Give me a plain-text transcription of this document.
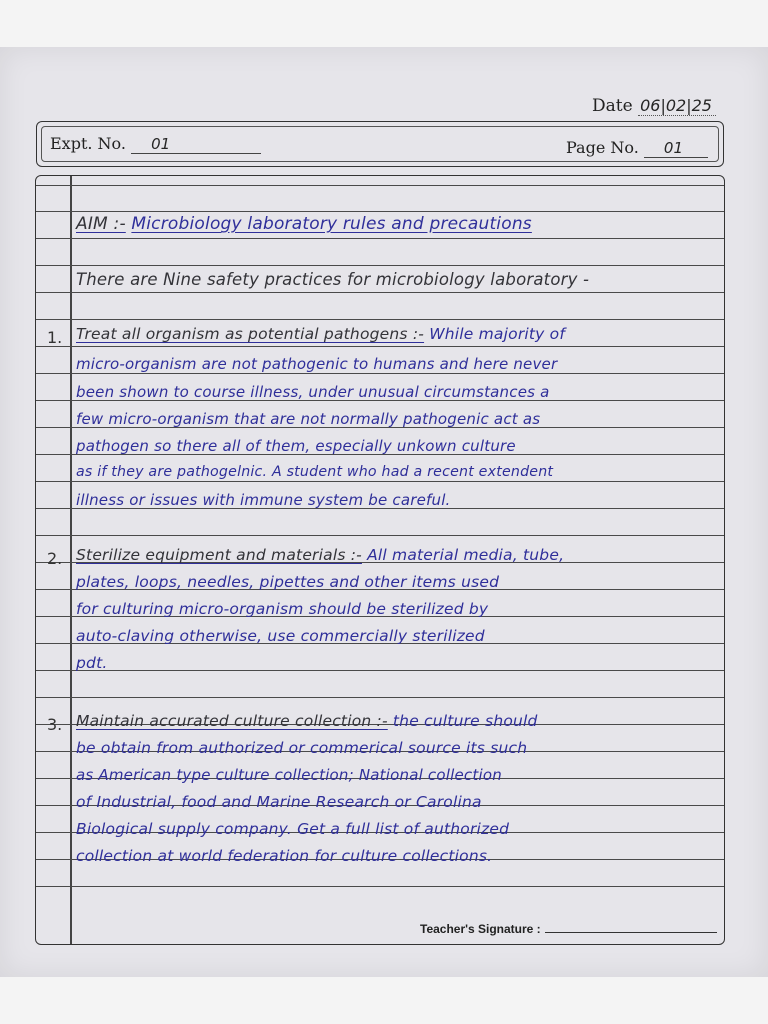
Date 06|02|25
Expt. No. 01	Page No. 01
AIM :- Microbiology laboratory rules and precautions
There are Nine safety practices for microbiology laboratory -
1. Treat all organism as potential pathogens :- While majority of
micro-organism are not pathogenic to humans and here never
been shown to course illness, under unusual circumstances a
few micro-organism that are not normally pathogenic act as
pathogen so there all of them, especially unkown culture
as if they are pathogelnic. A student who had a recent extendent
illness or issues with immune system be careful.
2. Sterilize equipment and materials :- All material media, tube,
plates, loops, needles, pipettes and other items used
for culturing micro-organism should be sterilized by
auto-claving otherwise, use commercially sterilized
pdt.
3. Maintain accurated culture collection :- the culture should
be obtain from authorized or commerical source its such
as American type culture collection; National collection
of Industrial, food and Marine Research or Carolina
Biological supply company. Get a full list of authorized
collection at world federation for culture collections.
Teacher's Signature :
